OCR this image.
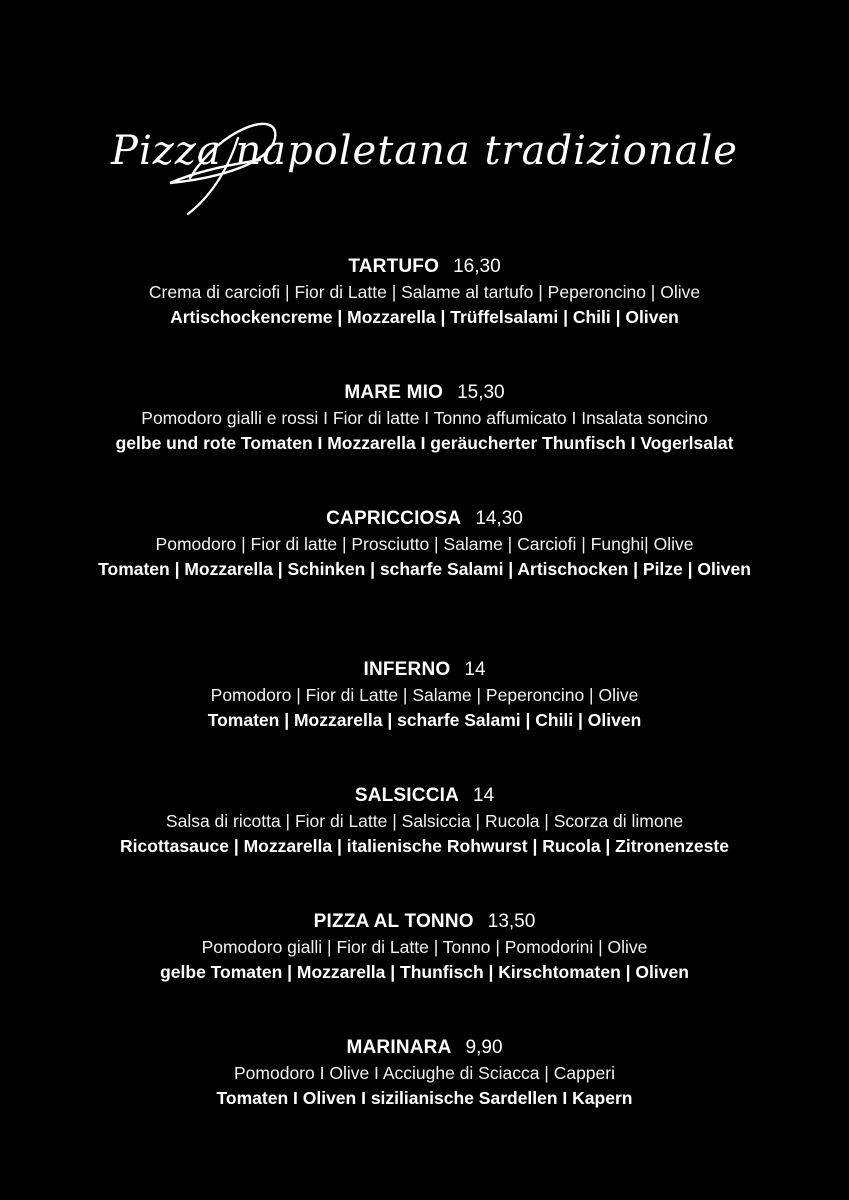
Pizza napoletana tradizionale
TARTUFO 16,30
Crema di carciofi | Fior di Latte | Salame al tartufo | Peperoncino | Olive
Artischockencreme | Mozzarella | Trüffelsalami | Chili | Oliven
MARE MIO 15,30
Pomodoro gialli e rossi I Fior di latte I Tonno affumicato I Insalata soncino
gelbe und rote Tomaten I Mozzarella I geräucherter Thunfisch I Vogerlsalat
CAPRICCIOSA 14,30
Pomodoro | Fior di latte | Prosciutto | Salame | Carciofi | Funghi| Olive
Tomaten | Mozzarella | Schinken | scharfe Salami | Artischocken | Pilze | Oliven
INFERNO 14
Pomodoro | Fior di Latte | Salame | Peperoncino | Olive
Tomaten | Mozzarella | scharfe Salami | Chili | Oliven
SALSICCIA 14
Salsa di ricotta | Fior di Latte | Salsiccia | Rucola | Scorza di limone
Ricottasauce | Mozzarella | italienische Rohwurst | Rucola | Zitronenzeste
PIZZA AL TONNO 13,50
Pomodoro gialli | Fior di Latte | Tonno | Pomodorini | Olive
gelbe Tomaten | Mozzarella | Thunfisch | Kirschtomaten | Oliven
MARINARA 9,90
Pomodoro I Olive I Acciughe di Sciacca | Capperi
Tomaten I Oliven I sizilianische Sardellen I Kapern
